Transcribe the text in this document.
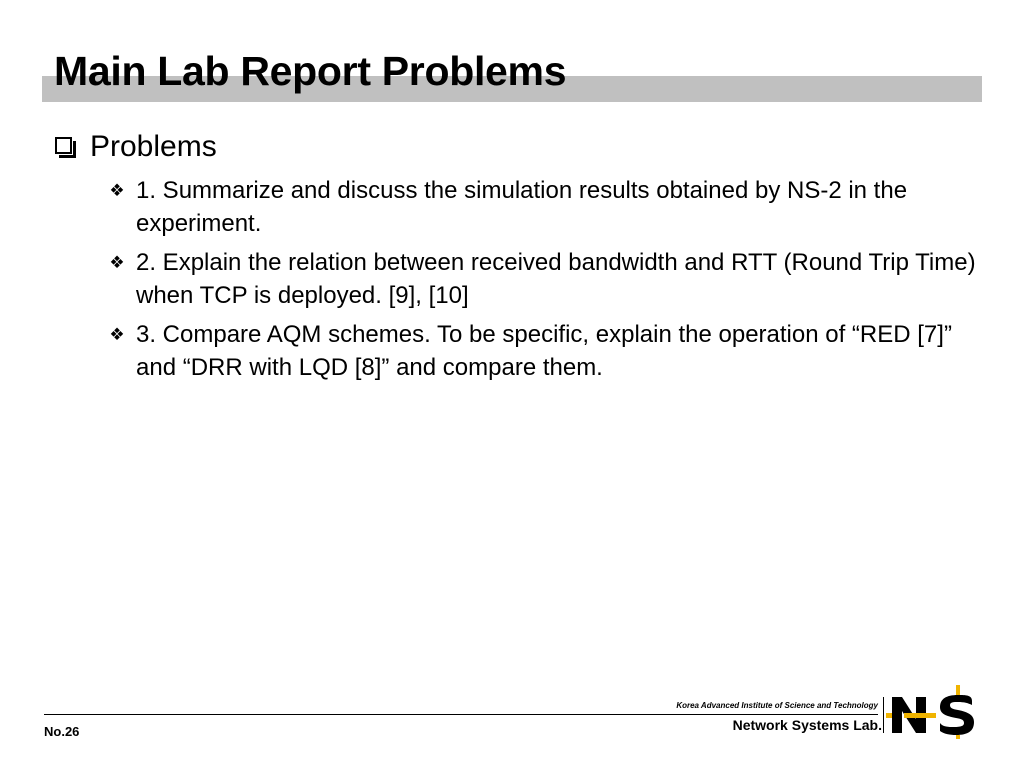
Main Lab Report Problems
Problems
❖ 1. Summarize and discuss the simulation results obtained by NS-2 in the experiment.
❖ 2. Explain the relation between received bandwidth and RTT (Round Trip Time) when TCP is deployed. [9], [10]
❖ 3. Compare AQM schemes. To be specific, explain the operation of “RED [7]” and “DRR with LQD [8]” and compare them.
No.26
Korea Advanced Institute of Science and Technology
Network Systems Lab.
